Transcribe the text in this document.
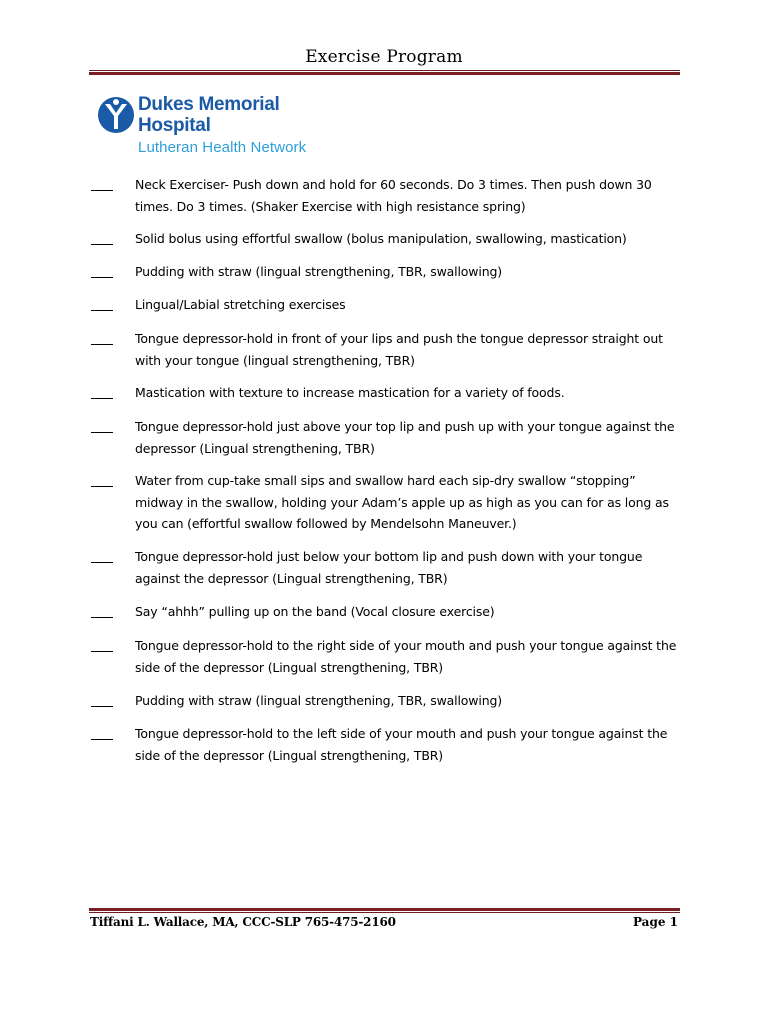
Exercise Program
Dukes Memorial
Hospital
Lutheran Health Network
Neck Exerciser- Push down and hold for 60 seconds. Do 3 times. Then push down 30 times. Do 3 times. (Shaker Exercise with high resistance spring)
Solid bolus using effortful swallow (bolus manipulation, swallowing, mastication)
Pudding with straw (lingual strengthening, TBR, swallowing)
Lingual/Labial stretching exercises
Tongue depressor-hold in front of your lips and push the tongue depressor straight out with your tongue (lingual strengthening, TBR)
Mastication with texture to increase mastication for a variety of foods.
Tongue depressor-hold just above your top lip and push up with your tongue against the depressor (Lingual strengthening, TBR)
Water from cup-take small sips and swallow hard each sip-dry swallow “stopping” midway in the swallow, holding your Adam’s apple up as high as you can for as long as you can (effortful swallow followed by Mendelsohn Maneuver.)
Tongue depressor-hold just below your bottom lip and push down with your tongue against the depressor (Lingual strengthening, TBR)
Say “ahhh” pulling up on the band (Vocal closure exercise)
Tongue depressor-hold to the right side of your mouth and push your tongue against the side of the depressor (Lingual strengthening, TBR)
Pudding with straw (lingual strengthening, TBR, swallowing)
Tongue depressor-hold to the left side of your mouth and push your tongue against the side of the depressor (Lingual strengthening, TBR)
Tiffani L. Wallace, MA, CCC-SLP 765-475-2160	Page 1
